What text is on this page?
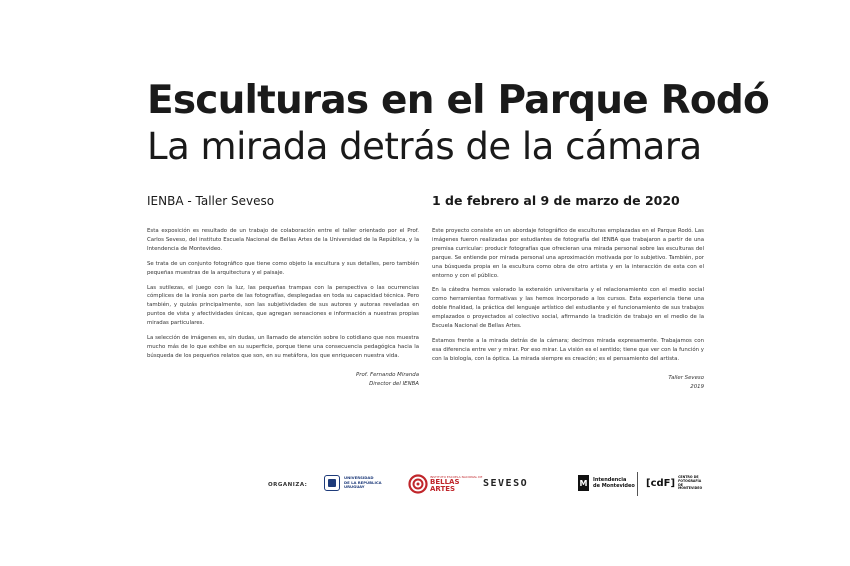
Esculturas en el Parque Rodó
La mirada detrás de la cámara
IENBA - Taller Seveso	1 de febrero al 9 de marzo de 2020

Esta exposición es resultado de un trabajo de colaboración entre el taller orientado por el Prof. Carlos Seveso, del instituto Escuela Nacional de Bellas Artes de la Universidad de la República, y la Intendencia de Montevideo.

Se trata de un conjunto fotográfico que tiene como objeto la escultura y sus detalles, pero también pequeñas muestras de la arquitectura y el paisaje.

Las sutilezas, el juego con la luz, las pequeñas trampas con la perspectiva o las ocurrencias cómplices de la ironía son parte de las fotografías, desplegadas en toda su capacidad técnica. Pero también, y quizás principalmente, son las subjetividades de sus autores y autoras reveladas en puntos de vista y afectividades únicas, que agregan sensaciones e información a nuestras propias miradas particulares.

La selección de imágenes es, sin dudas, un llamado de atención sobre lo cotidiano que nos muestra mucho más de lo que exhibe en su superficie, porque tiene una consecuencia pedagógica hacia la búsqueda de los pequeños relatos que son, en su metáfora, los que enriquecen nuestra vida.

Prof. Fernando Miranda
Director del IENBA

Este proyecto consiste en un abordaje fotográfico de esculturas emplazadas en el Parque Rodó. Las imágenes fueron realizadas por estudiantes de fotografía del IENBA que trabajaron a partir de una premisa curricular: producir fotografías que ofrecieran una mirada personal sobre las esculturas del parque. Se entiende por mirada personal una aproximación motivada por lo subjetivo. También, por una búsqueda propia en la escultura como obra de otro artista y en la interacción de esta con el entorno y con el público.

En la cátedra hemos valorado la extensión universitaria y el relacionamiento con el medio social como herramientas formativas y las hemos incorporado a los cursos. Esta experiencia tiene una doble finalidad, la práctica del lenguaje artístico del estudiante y el funcionamiento de sus trabajos emplazados o proyectados al colectivo social, afirmando la tradición de trabajo en el medio de la Escuela Nacional de Bellas Artes.

Estamos frente a la mirada detrás de la cámara; decimos mirada expresamente. Trabajamos con esa diferencia entre ver y mirar. Por eso mirar. La visión es el sentido; tiene que ver con la función y con la biología, con la óptica. La mirada siempre es creación; es el pensamiento del artista.

Taller Seveso
2019
ORGANIZA:
UNIVERSIDAD
DE LA REPÚBLICA
URUGUAY
INSTITUTO ESCUELA NACIONAL DE
BELLAS
ARTES	SEVESO	M	Intendencia
de Montevideo [cdF]
CENTRO DE
FOTOGRAFÍA
DE MONTEVIDEO
